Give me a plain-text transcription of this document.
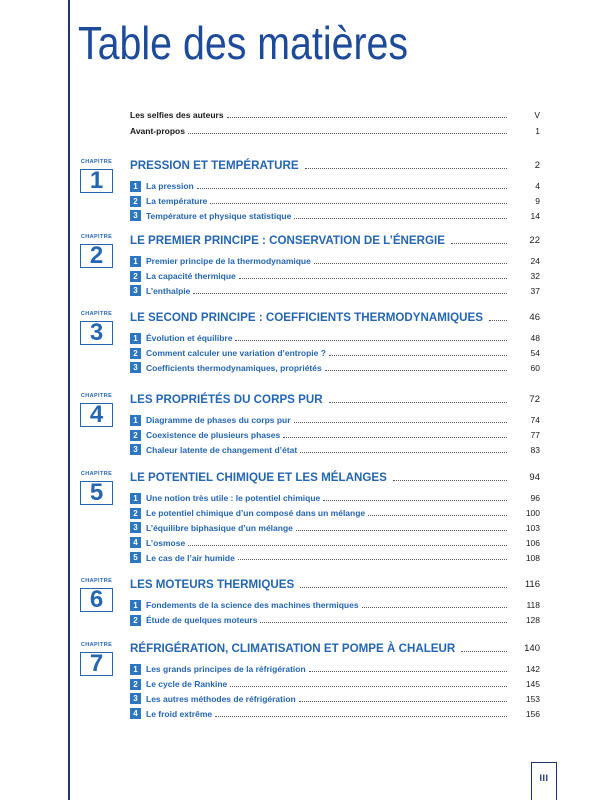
Table des matières
Les selfies des auteurs	V
Avant-propos	1
CHAPITRE
1
PRESSION ET TEMPÉRATURE	2
1 La pression	4
2 La température	9
3 Température et physique statistique	14
CHAPITRE
2
LE PREMIER PRINCIPE : CONSERVATION DE L’ÉNERGIE	22
1 Premier principe de la thermodynamique	24
2 La capacité thermique	32
3 L’enthalpie	37
CHAPITRE
3
LE SECOND PRINCIPE : COEFFICIENTS THERMODYNAMIQUES	46
1 Évolution et équilibre	48
2 Comment calculer une variation d’entropie ?	54
3 Coefficients thermodynamiques, propriétés	60
CHAPITRE
4
LES PROPRIÉTÉS DU CORPS PUR	72
1 Diagramme de phases du corps pur	74
2 Coexistence de plusieurs phases	77
3 Chaleur latente de changement d’état	83
CHAPITRE
5
LE POTENTIEL CHIMIQUE ET LES MÉLANGES	94
1 Une notion très utile : le potentiel chimique	96
2 Le potentiel chimique d’un composé dans un mélange	100
3 L’équilibre biphasique d’un mélange	103
4 L’osmose	106
5 Le cas de l’air humide	108
CHAPITRE
6
LES MOTEURS THERMIQUES	116
1 Fondements de la science des machines thermiques	118
2 Étude de quelques moteurs	128
CHAPITRE
7
RÉFRIGÉRATION, CLIMATISATION ET POMPE À CHALEUR	140
1 Les grands principes de la réfrigération	142
2 Le cycle de Rankine	145
3 Les autres méthodes de réfrigération	153
4 Le froid extrême	156
III
